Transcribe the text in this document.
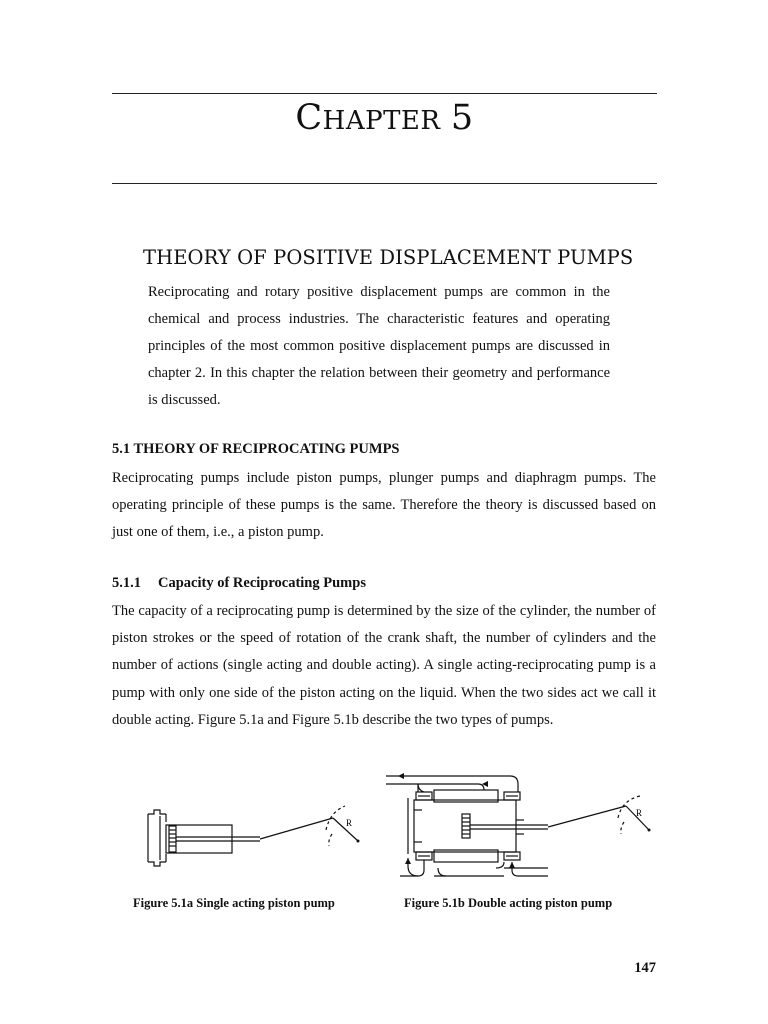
CHAPTER 5
THEORY OF POSITIVE DISPLACEMENT PUMPS

Reciprocating and rotary positive displacement pumps are common in the chemical and process industries. The characteristic features and operating principles of the most common positive displacement pumps are discussed in chapter 2. In this chapter the relation between their geometry and performance is discussed.

5.1 THEORY OF RECIPROCATING PUMPS

Reciprocating pumps include piston pumps, plunger pumps and diaphragm pumps. The operating principle of these pumps is the same. Therefore the theory is discussed based on just one of them, i.e., a piston pump.

5.1.1 Capacity of Reciprocating Pumps

The capacity of a reciprocating pump is determined by the size of the cylinder, the number of piston strokes or the speed of rotation of the crank shaft, the number of cylinders and the number of actions (single acting and double acting). A single acting-reciprocating pump is a pump with only one side of the piston acting on the liquid. When the two sides act we call it double acting. Figure 5.1a and Figure 5.1b describe the two types of pumps.

R
Figure 5.1a Single acting piston pump
R
Figure 5.1b Double acting piston pump
147
